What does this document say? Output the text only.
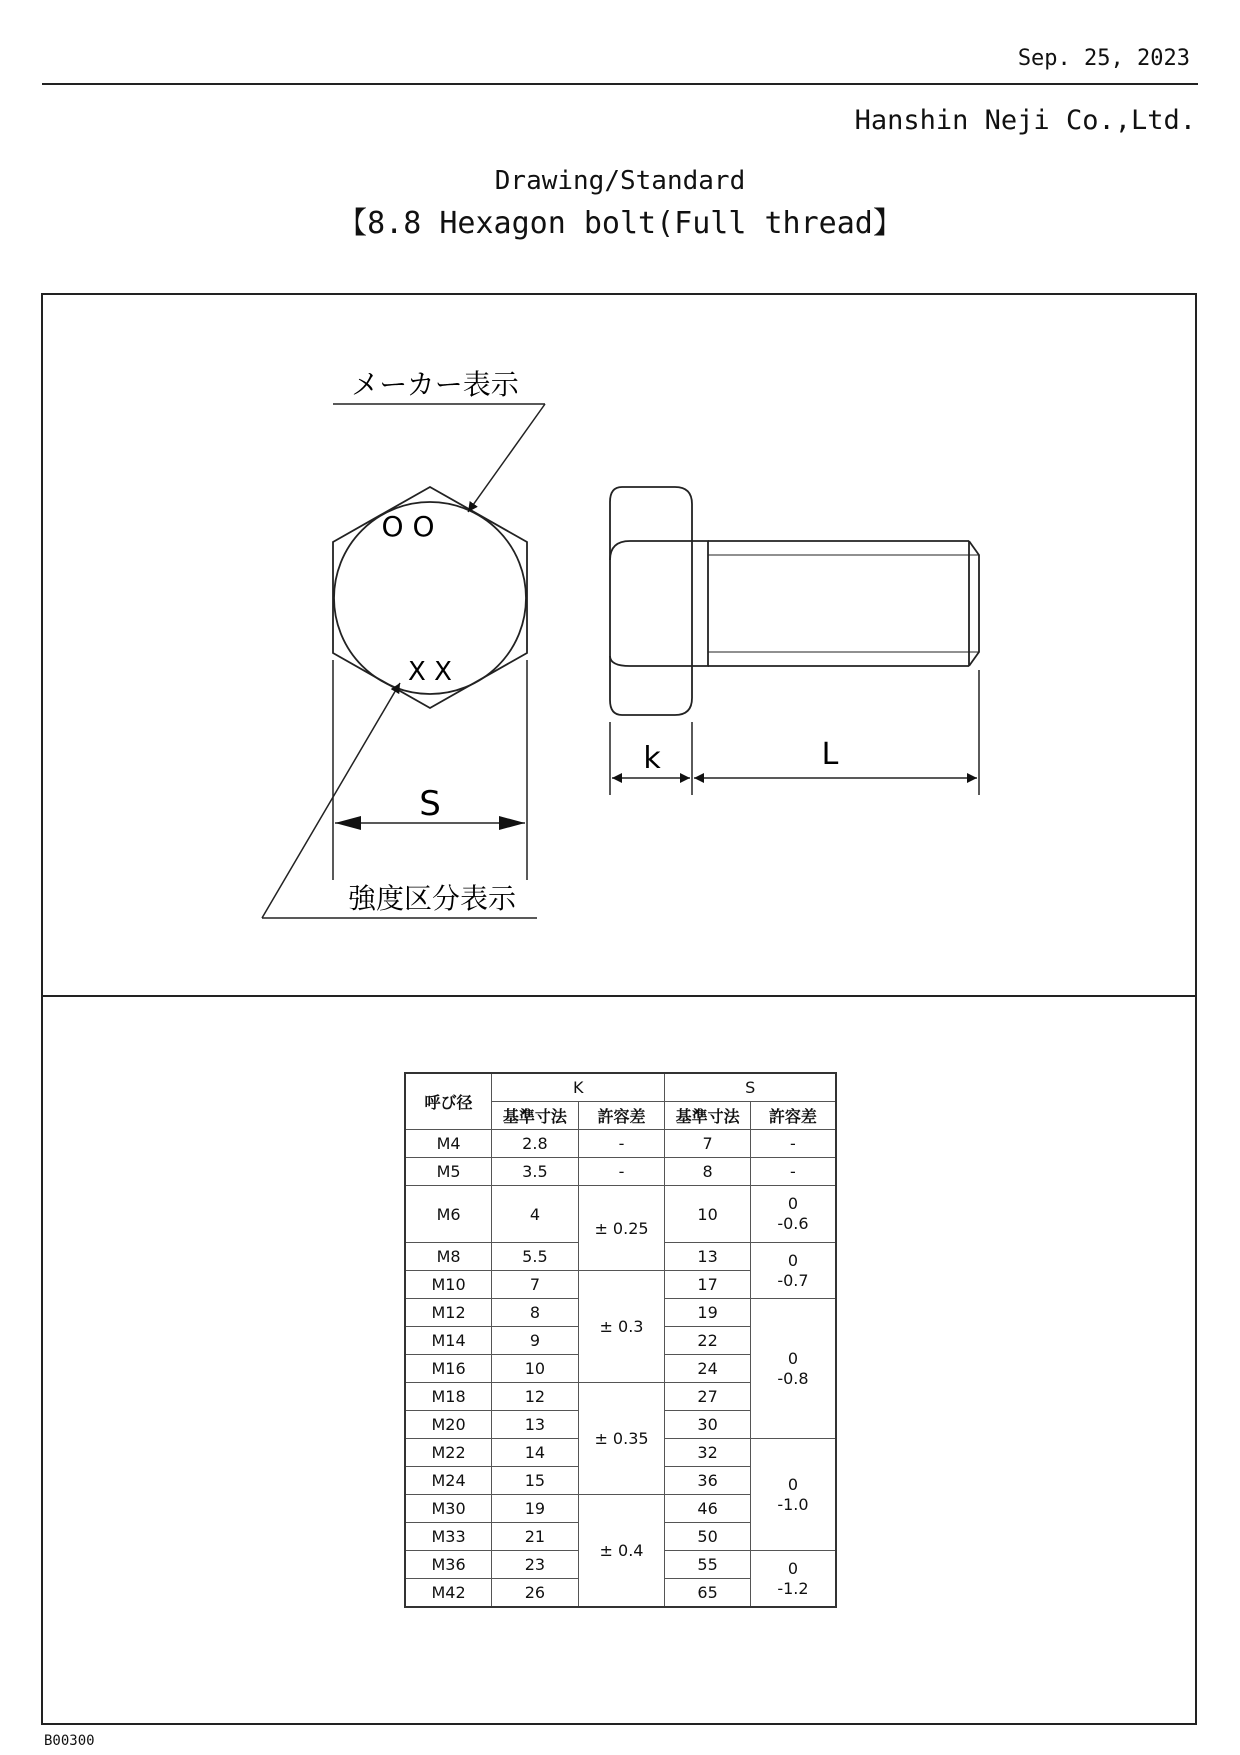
Sep. 25, 2023
Hanshin Neji Co.,Ltd.
Drawing/Standard
【8.8 Hexagon bolt(Full thread】
O O
X X
メーカー表示
強度区分表示
S
k	L
呼び径	K		S	
	基準寸法	許容差	基準寸法	許容差
M4	2.8	-	7	-
M5	3.5	-	8	-
M6	4	± 0.25	10	0
-0.6
M8	5.5		13	0
-0.7
M10	7	± 0.3	17	
M12	8		19	0
-0.8
M14	9		22	
M16	10		24	
M18	12	± 0.35	27	
M20	13		30	
M22	14		32	0
-1.0
M24	15		36	
M30	19	± 0.4	46	
M33	21		50	
M36	23		55	0
-1.2
M42	26		65	
B00300
